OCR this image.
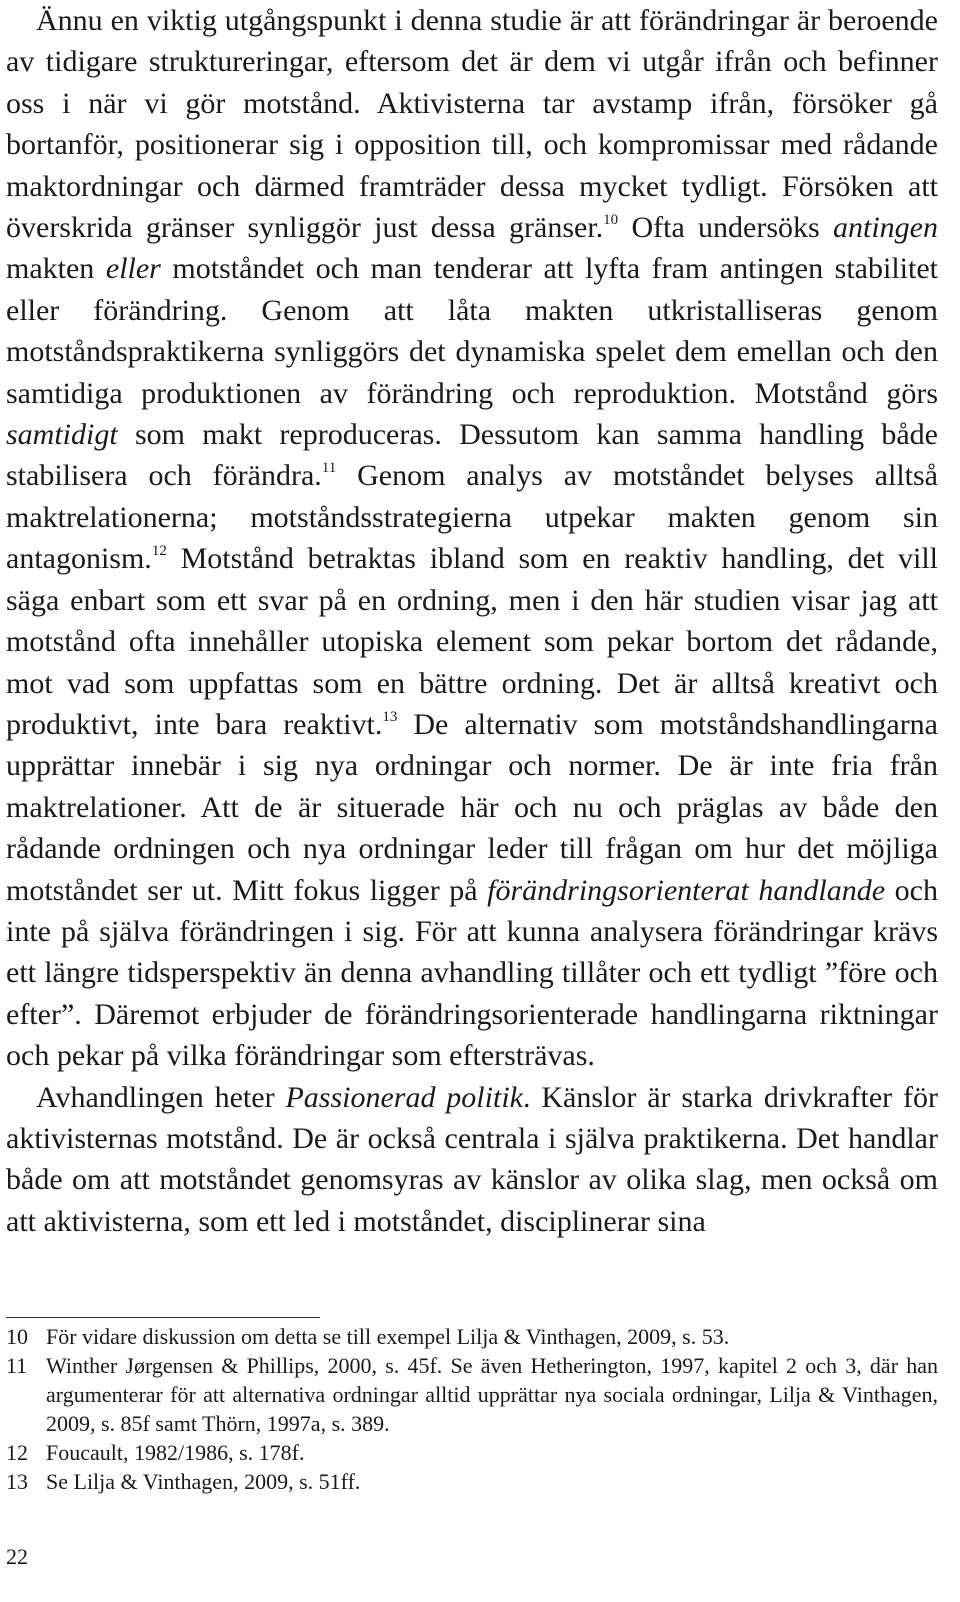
Ännu en viktig utgångspunkt i denna studie är att förändringar är beroende av tidigare struktureringar, eftersom det är dem vi utgår ifrån och befinner oss i när vi gör motstånd. Aktivisterna tar avstamp ifrån, försöker gå bortanför, positionerar sig i opposition till, och kompromissar med rådande maktordningar och därmed framträder dessa mycket tydligt. Försöken att överskrida gränser synliggör just dessa gränser.$^{10}$ Ofta undersöks antingen makten eller motståndet och man tenderar att lyfta fram antingen stabilitet eller förändring. Genom att låta makten utkristalliseras genom motståndspraktikerna synliggörs det dynamiska spelet dem emellan och den samtidiga produktionen av förändring och reproduktion. Motstånd görs samtidigt som makt reproduceras. Dessutom kan samma handling både stabilisera och förändra.$^{11}$ Genom analys av motståndet belyses alltså maktrelationerna; motståndsstrategierna utpekar makten genom sin antagonism.$^{12}$ Motstånd betraktas ibland som en reaktiv handling, det vill säga enbart som ett svar på en ordning, men i den här studien visar jag att motstånd ofta innehåller utopiska element som pekar bortom det rådande, mot vad som uppfattas som en bättre ordning. Det är alltså kreativt och produktivt, inte bara reaktivt.$^{13}$ De alternativ som motståndshandlingarna upprättar innebär i sig nya ordningar och normer. De är inte fria från maktrelationer. Att de är situerade här och nu och präglas av både den rådande ordningen och nya ordningar leder till frågan om hur det möjliga motståndet ser ut. Mitt fokus ligger på förändringsorienterat handlande och inte på själva förändringen i sig. För att kunna analysera förändringar krävs ett längre tidsperspektiv än denna avhandling tillåter och ett tydligt ”före och efter”. Däremot erbjuder de förändringsorienterade handlingarna riktningar och pekar på vilka förändringar som eftersträvas.

Avhandlingen heter Passionerad politik. Känslor är starka drivkrafter för aktivisternas motstånd. De är också centrala i själva praktikerna. Det handlar både om att motståndet genomsyras av känslor av olika slag, men också om att aktivisterna, som ett led i motståndet, disciplinerar sina

10 För vidare diskussion om detta se till exempel Lilja & Vinthagen, 2009, s. 53.

11 Winther Jørgensen & Phillips, 2000, s. 45f. Se även Hetherington, 1997, kapitel 2 och 3, där han argumenterar för att alternativa ordningar alltid upprättar nya sociala ordningar, Lilja & Vinthagen, 2009, s. 85f samt Thörn, 1997a, s. 389.

12 Foucault, 1982/1986, s. 178f.

13 Se Lilja & Vinthagen, 2009, s. 51ff.

22
